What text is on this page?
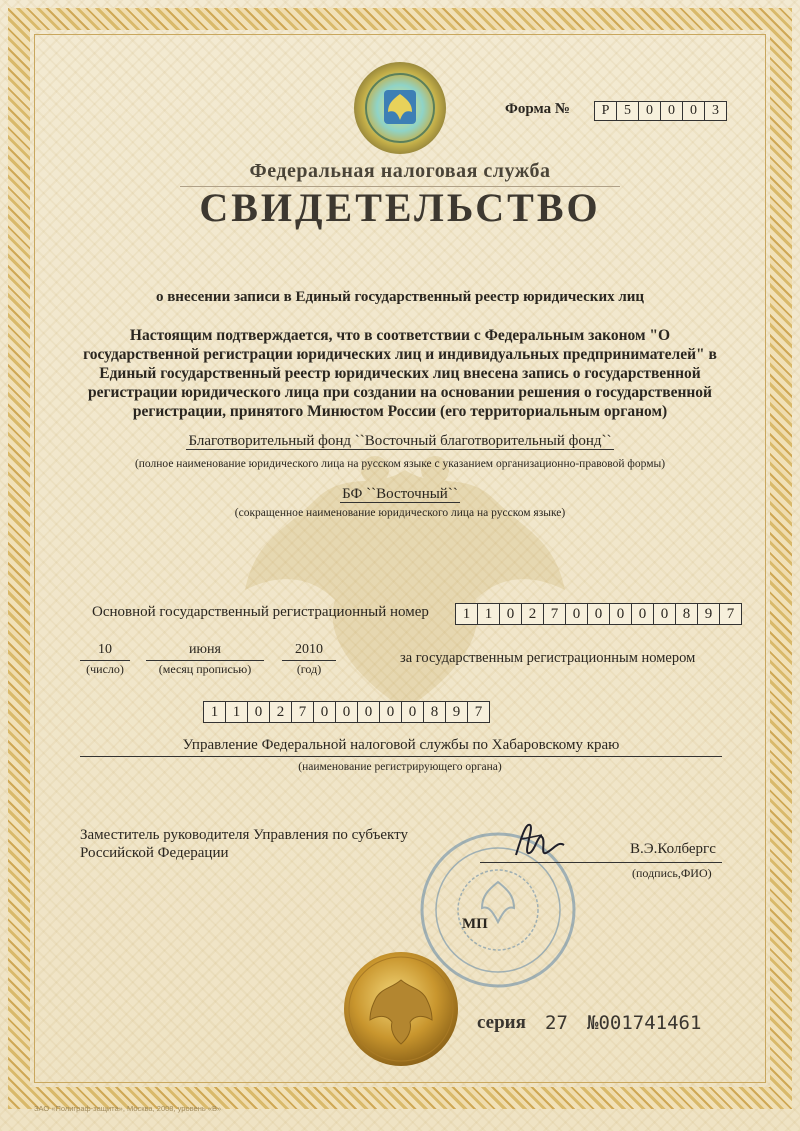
Форма №	Р	5	0	0	0	3
Федеральная налоговая служба
СВИДЕТЕЛЬСТВО
о внесении записи в Единый государственный реестр юридических лиц
Настоящим подтверждается, что в соответствии с Федеральным законом "О государственной регистрации юридических лиц и индивидуальных предпринимателей" в Единый государственный реестр юридических лиц внесена запись о государственной регистрации юридического лица при создании на основании решения о государственной регистрации, принятого Минюстом России (его территориальным органом)
Благотворительный фонд ``Восточный благотворительный фонд``
(полное наименование юридического лица на русском языке с указанием организационно-правовой формы)
БФ ``Восточный``
(сокращенное наименование юридического лица на русском языке)
Основной государственный регистрационный номер	1 1 0 2 7 0 0 0 0 0 8 9 7
10
(число)
июня
(месяц прописью)
2010
(год)
за государственным регистрационным номером
1 1 0 2 7 0 0 0 0 0 8 9 7
Управление Федеральной налоговой службы по Хабаровскому краю
(наименование регистрирующего органа)
Заместитель руководителя Управления по субъекту
Российской Федерации	В.Э.Колбергс
(подпись,ФИО)
МП
серия 27 №001741461
ЗАО «Полиграф-защита», Москва, 2008, уровень «В»
